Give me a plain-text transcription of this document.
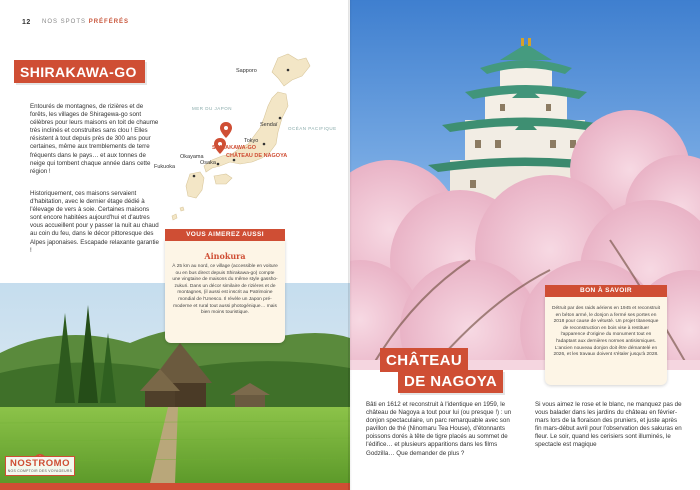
12 NOS SPOTS PRÉFÉRÉS
SHIRAKAWA-GO
Entourés de montagnes, de rizières et de forêts, les villages de Shiragewa-go sont célèbres pour leurs maisons en toit de chaume très inclinés et construites sans clou ! Elles résistent à tout depuis près de 300 ans pour certaines, même aux tremblements de terre fréquents dans le pays… et aux tonnes de neige qui tombent chaque année dans cette région !
Historiquement, ces maisons servaient d'habitation, avec le dernier étage dédié à l'élevage de vers à soie. Certaines maisons sont encore habitées aujourd'hui et d'autres vous accueillent pour y passer la nuit au chaud au coin du feu, dans le décor pittoresque des Alpes japonaises. Escapade relaxante garantie !
MER DU JAPON
OCÉAN PACIFIQUE
Sapporo
Sendaï
Tokyo
Osaka
Okayama
Fukuoka
SHIRAKAWA-GO
CHÂTEAU DE NAGOYA
NOSTROMO
NOS COMPTOIR DES VOYAGEURS
VOUS AIMEREZ AUSSI
Ainokura
À 25 km au nord, ce village (accessible en voiture ou en bus direct depuis Shirakawa-go) compte une vingtaine de maisons du même style gassho-zukuri. Dans un décor similaire de rizières et de montagnes, (il aussi est inscrit au Patrimoine mondial de l'Unesco. Il révèle un Japon pré-moderne et rural tout aussi photogénique… mais bien moins touristique.
CHÂTEAU
DE NAGOYA
BON À SAVOIR
Détruit par des raids aériens en 1945 et reconstruit en béton armé, le donjon a fermé ses portes en 2018 pour cause de vétusté. Un projet titanesque de reconstruction en bois vise à restituer l'apparence d'origine du monument tout en l'adaptant aux dernières normes antisismiques. L'ancien nouveau donjon doit être démantelé en 2026, et les travaux doivent s'étaler jusqu'à 2028.
Bâti en 1612 et reconstruit à l'identique en 1959, le château de Nagoya a tout pour lui (ou presque !) : un donjon spectaculaire, un parc remarquable avec son pavillon de thé (Ninomaru Tea House), d'étonnants poissons dorés à tête de tigre placés au sommet de l'édifice… et plusieurs apparitions dans les films Godzilla… Que demander de plus ?
Si vous aimez le rose et le blanc, ne manquez pas de vous balader dans les jardins du château en février-mars lors de la floraison des pruniers, et juste après fin mars-début avril pour l'observation des sakuras en fleur. Le soir, quand les cerisiers sont illuminés, le spectacle est magique
